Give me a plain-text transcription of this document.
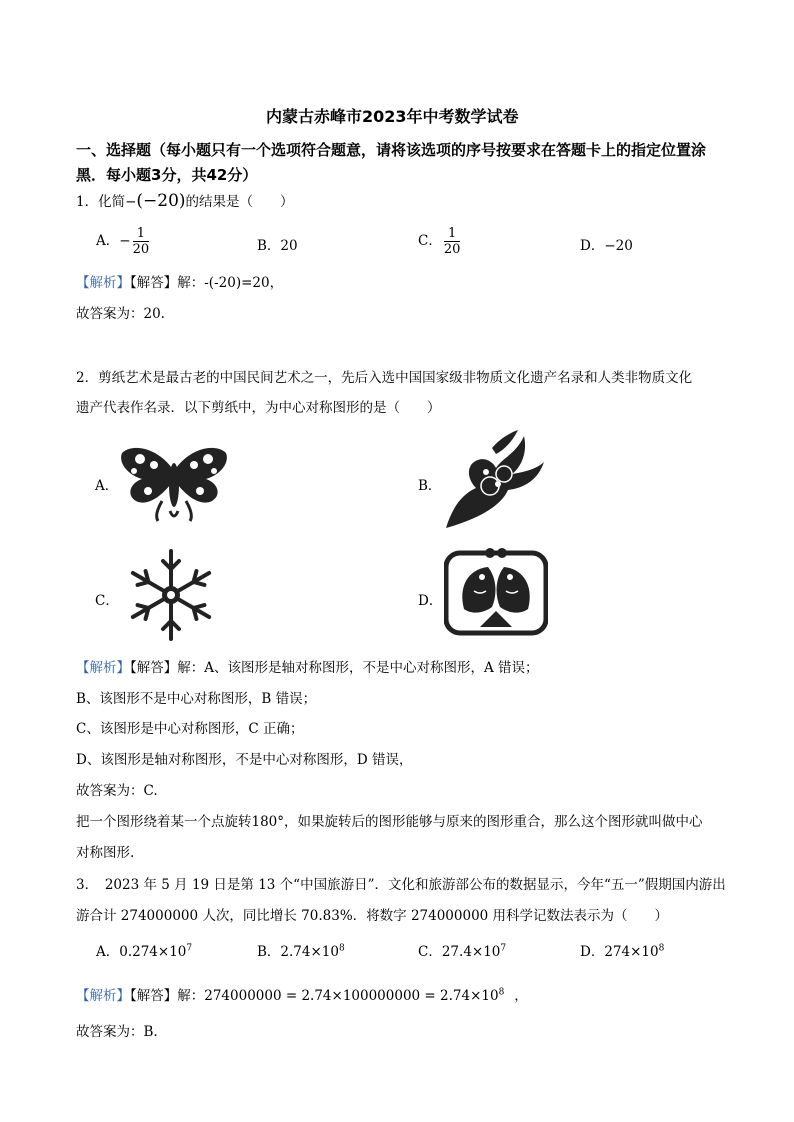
内蒙古赤峰市2023年中考数学试卷
一、选择题（每小题只有一个选项符合题意，请将该选项的序号按要求在答题卡上的指定位置涂
黑．每小题3分，共42分）
1．化简−(−20)的结果是（　　）
A．− $\frac{1}{20}$	B．20	C． $\frac{1}{20}$	D．−20
【解析】【解答】解：-(-20)=20，
故答案为：20.
2．剪纸艺术是最古老的中国民间艺术之一，先后入选中国国家级非物质文化遗产名录和人类非物质文化
遗产代表作名录．以下剪纸中，为中心对称图形的是（　　）
A．	B．
C．	D．
【解析】【解答】解：A、该图形是轴对称图形，不是中心对称图形，A 错误；
B、该图形不是中心对称图形，B 错误；
C、该图形是中心对称图形，C 正确；
D、该图形是轴对称图形，不是中心对称图形，D 错误，
故答案为：C.
把一个图形绕着某一个点旋转180°，如果旋转后的图形能够与原来的图形重合，那么这个图形就叫做中心
对称图形.
3．　2023 年 5 月 19 日是第 13 个“中国旅游日”．文化和旅游部公布的数据显示，今年“五一”假期国内游出
游合计 274000000 人次，同比增长 70.83%．将数字 274000000 用科学记数法表示为（　　）
A．$0.274\times 10^7$	B．$2.74\times 10^8$	C．$27.4\times 10^7$	D．$274\times 10^8$
【解析】【解答】解：$274000000 = 2.74\times 100000000 = 2.74\times 10^8$ ，
故答案为：B.
